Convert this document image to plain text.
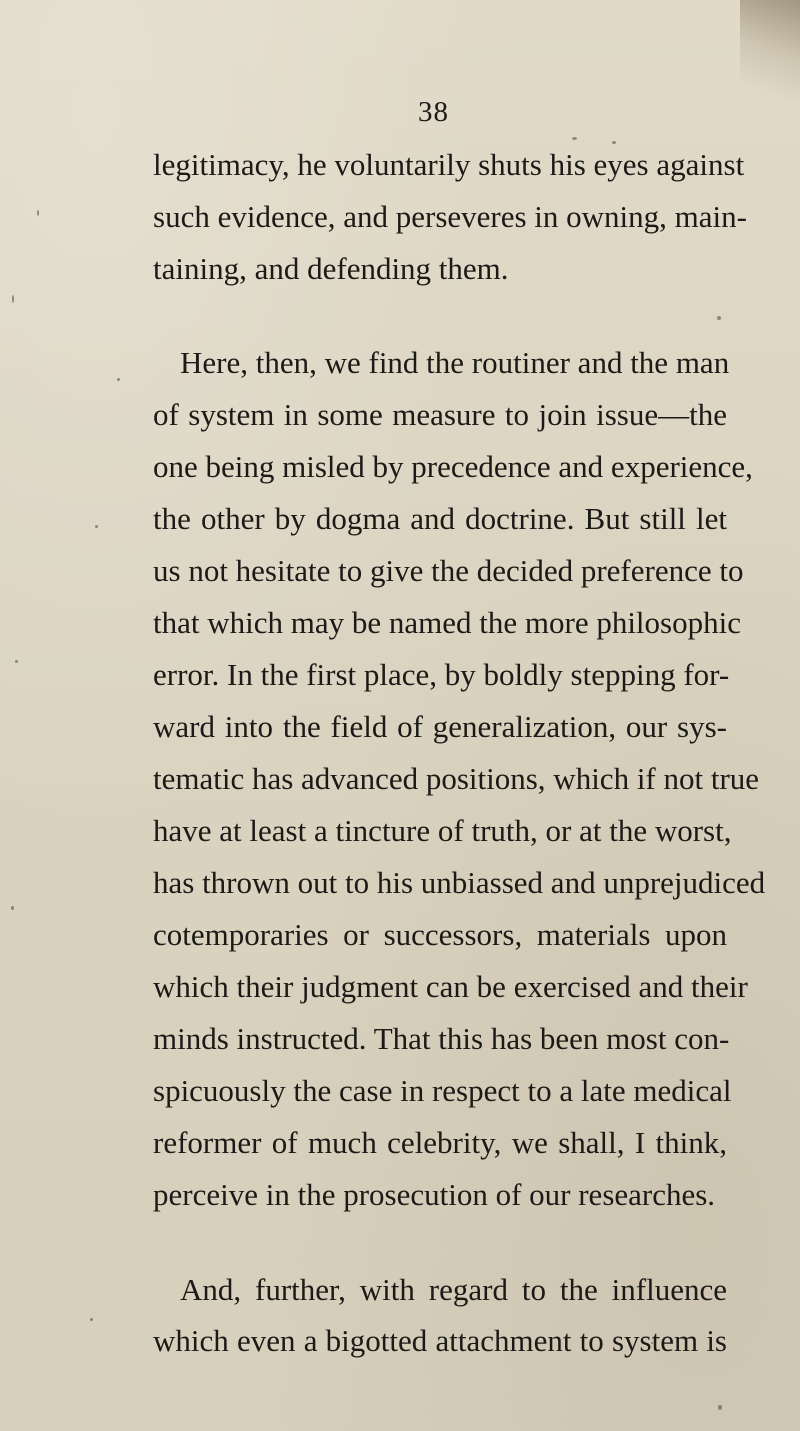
38
legitimacy, he voluntarily shuts his eyes against
such evidence, and perseveres in owning, main-
taining, and defending them.
Here, then, we find the routiner and the man
of system in some measure to join issue—the
one being misled by precedence and experience,
the other by dogma and doctrine. But still let
us not hesitate to give the decided preference to
that which may be named the more philosophic
error. In the first place, by boldly stepping for-
ward into the field of generalization, our sys-
tematic has advanced positions, which if not true
have at least a tincture of truth, or at the worst,
has thrown out to his unbiassed and unprejudiced
cotemporaries or successors, materials upon
which their judgment can be exercised and their
minds instructed. That this has been most con-
spicuously the case in respect to a late medical
reformer of much celebrity, we shall, I think,
perceive in the prosecution of our researches.
And, further, with regard to the influence
which even a bigotted attachment to system is
